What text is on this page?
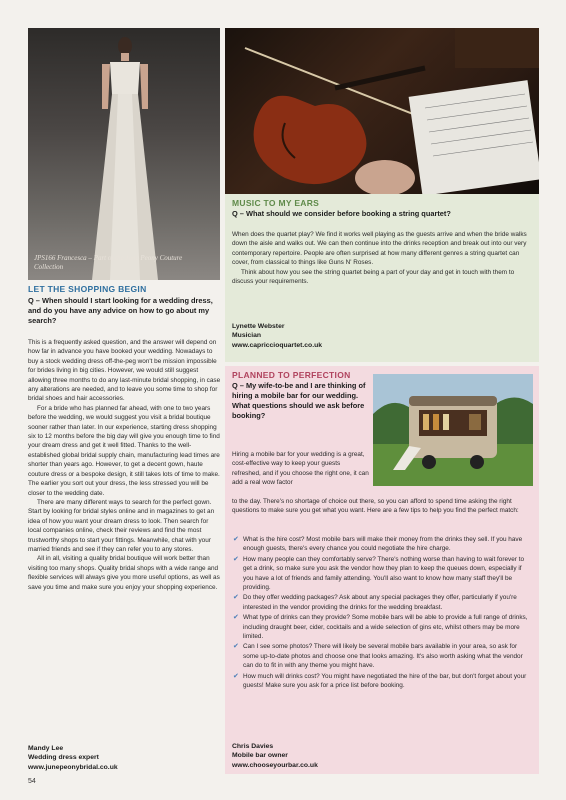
JPS166 Francesca – Part of the June Peony Couture Collection
LET THE SHOPPING BEGIN
Q – When should I start looking for a wedding dress, and do you have any advice on how to go about my search?

This is a frequently asked question, and the answer will depend on how far in advance you have booked your wedding. Nowadays to buy a stock wedding dress off-the-peg won't be mission impossible for brides living in big cities. However, we would still suggest allowing three months to do any last-minute bridal shopping, in case any alterations are needed, and to leave you some time to shop for bridal shoes and hair accessories.

For a bride who has planned far ahead, with one to two years before the wedding, we would suggest you visit a bridal boutique sooner rather than later. In our experience, starting dress shopping six to 12 months before the big day will give you enough time to find your dream dress and get it well fitted. Thanks to the well-established global bridal supply chain, manufacturing lead times are shorter than years ago. However, to get a decent gown, haute couture dress or a bespoke design, it still takes lots of time to make. The earlier you sort out your dress, the less stressed you will be closer to the wedding date.

There are many different ways to search for the perfect gown. Start by looking for bridal styles online and in magazines to get an idea of how you want your dream dress to look. Then search for local companies online, check their reviews and find the most trustworthy shops to start your fittings. Meanwhile, chat with your married friends and see if they can refer you to any stores.

All in all, visiting a quality bridal boutique will work better than visiting too many shops. Quality bridal shops with a wide range and flexible services will always give you more useful options, as well as save you time and make sure you enjoy your shopping experience.

Mandy Lee
Wedding dress expert
www.junepeonybridal.co.uk
54
MUSIC TO MY EARS
Q – What should we consider before booking a string quartet?

When does the quartet play? We find it works well playing as the guests arrive and when the bride walks down the aisle and walks out. We can then continue into the drinks reception and break out into our very contemporary repertoire. People are often surprised at how many different genres a string quartet can cover, from classical to things like Guns N' Roses.

Think about how you see the string quartet being a part of your day and get in touch with them to discuss your requirements.

Lynette Webster
Musician
www.capriccioquartet.co.uk
PLANNED TO PERFECTION
Q – My wife-to-be and I are thinking of hiring a mobile bar for our wedding. What questions should we ask before booking?
Hiring a mobile bar for your wedding is a great, cost-effective way to keep your guests refreshed, and if you choose the right one, it can add a real wow factor
to the day. There's no shortage of choice out there, so you can afford to spend time asking the right questions to make sure you get what you want. Here are a few tips to help you find the perfect match:
✔ What is the hire cost? Most mobile bars will make their money from the drinks they sell. If you have enough guests, there's every chance you could negotiate the hire charge.
✔ How many people can they comfortably serve? There's nothing worse than having to wait forever to get a drink, so make sure you ask the vendor how they plan to keep the queues down, especially if you have a lot of friends and family attending. You'll also want to know how many staff they'll be providing.
✔ Do they offer wedding packages? Ask about any special packages they offer, particularly if you're interested in the vendor providing the drinks for the wedding breakfast.
✔ What type of drinks can they provide? Some mobile bars will be able to provide a full range of drinks, including draught beer, cider, cocktails and a wide selection of gins etc, whilst others may be more limited.
✔ Can I see some photos? There will likely be several mobile bars available in your area, so ask for some up-to-date photos and choose one that looks amazing. It's also worth asking what the vendor can do to fit in with any theme you might have.
✔ How much will drinks cost? You might have negotiated the hire of the bar, but don't forget about your guests! Make sure you ask for a price list before booking.
Chris Davies
Mobile bar owner
www.chooseyourbar.co.uk
